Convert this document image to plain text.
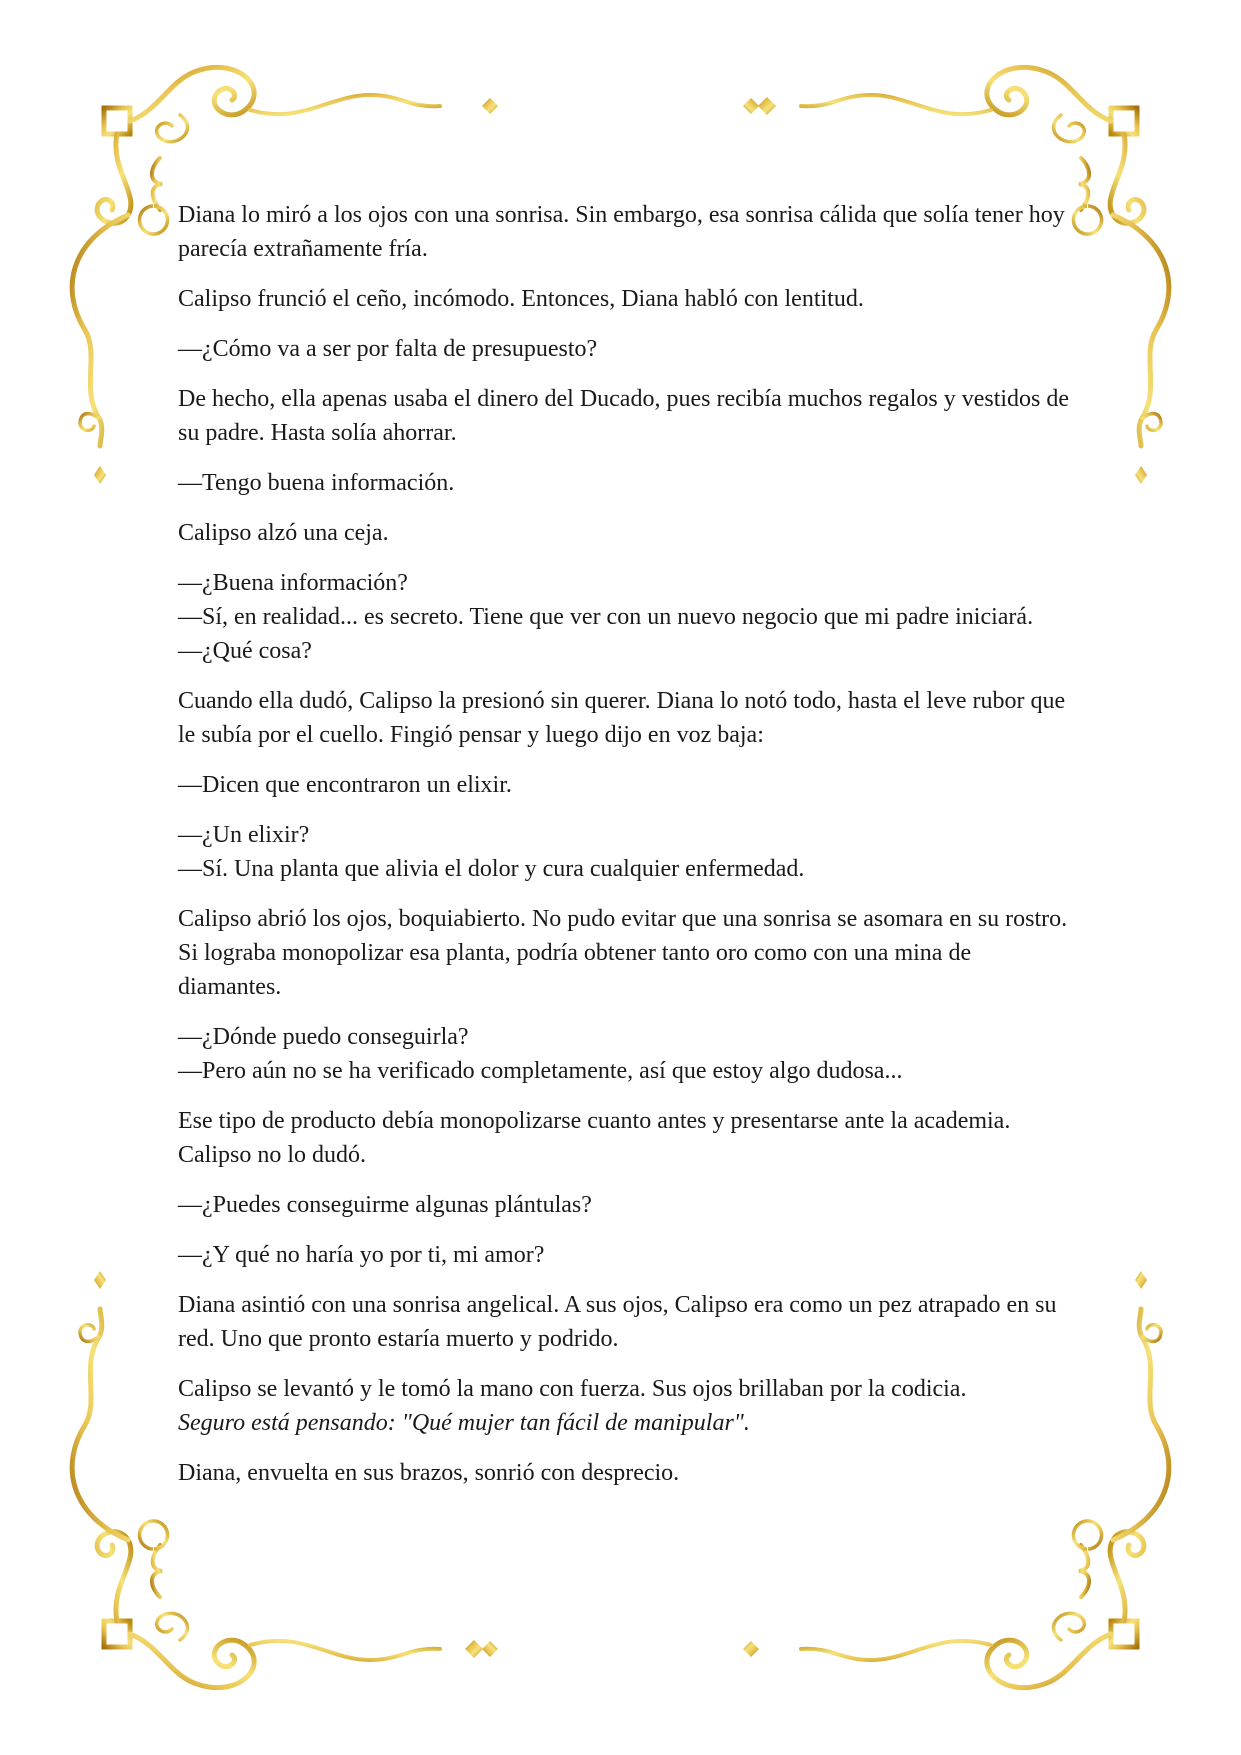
Diana lo miró a los ojos con una sonrisa. Sin embargo, esa sonrisa cálida que solía tener hoy parecía extrañamente fría.

Calipso frunció el ceño, incómodo. Entonces, Diana habló con lentitud.

—¿Cómo va a ser por falta de presupuesto?

De hecho, ella apenas usaba el dinero del Ducado, pues recibía muchos regalos y vestidos de su padre. Hasta solía ahorrar.

—Tengo buena información.

Calipso alzó una ceja.

—¿Buena información?

—Sí, en realidad... es secreto. Tiene que ver con un nuevo negocio que mi padre iniciará.

—¿Qué cosa?

Cuando ella dudó, Calipso la presionó sin querer. Diana lo notó todo, hasta el leve rubor que le subía por el cuello. Fingió pensar y luego dijo en voz baja:

—Dicen que encontraron un elixir.

—¿Un elixir?

—Sí. Una planta que alivia el dolor y cura cualquier enfermedad.

Calipso abrió los ojos, boquiabierto. No pudo evitar que una sonrisa se asomara en su rostro. Si lograba monopolizar esa planta, podría obtener tanto oro como con una mina de diamantes.

—¿Dónde puedo conseguirla?

—Pero aún no se ha verificado completamente, así que estoy algo dudosa...

Ese tipo de producto debía monopolizarse cuanto antes y presentarse ante la academia. Calipso no lo dudó.

—¿Puedes conseguirme algunas plántulas?

—¿Y qué no haría yo por ti, mi amor?

Diana asintió con una sonrisa angelical. A sus ojos, Calipso era como un pez atrapado en su red. Uno que pronto estaría muerto y podrido.

Calipso se levantó y le tomó la mano con fuerza. Sus ojos brillaban por la codicia.

Seguro está pensando: "Qué mujer tan fácil de manipular".

Diana, envuelta en sus brazos, sonrió con desprecio.
